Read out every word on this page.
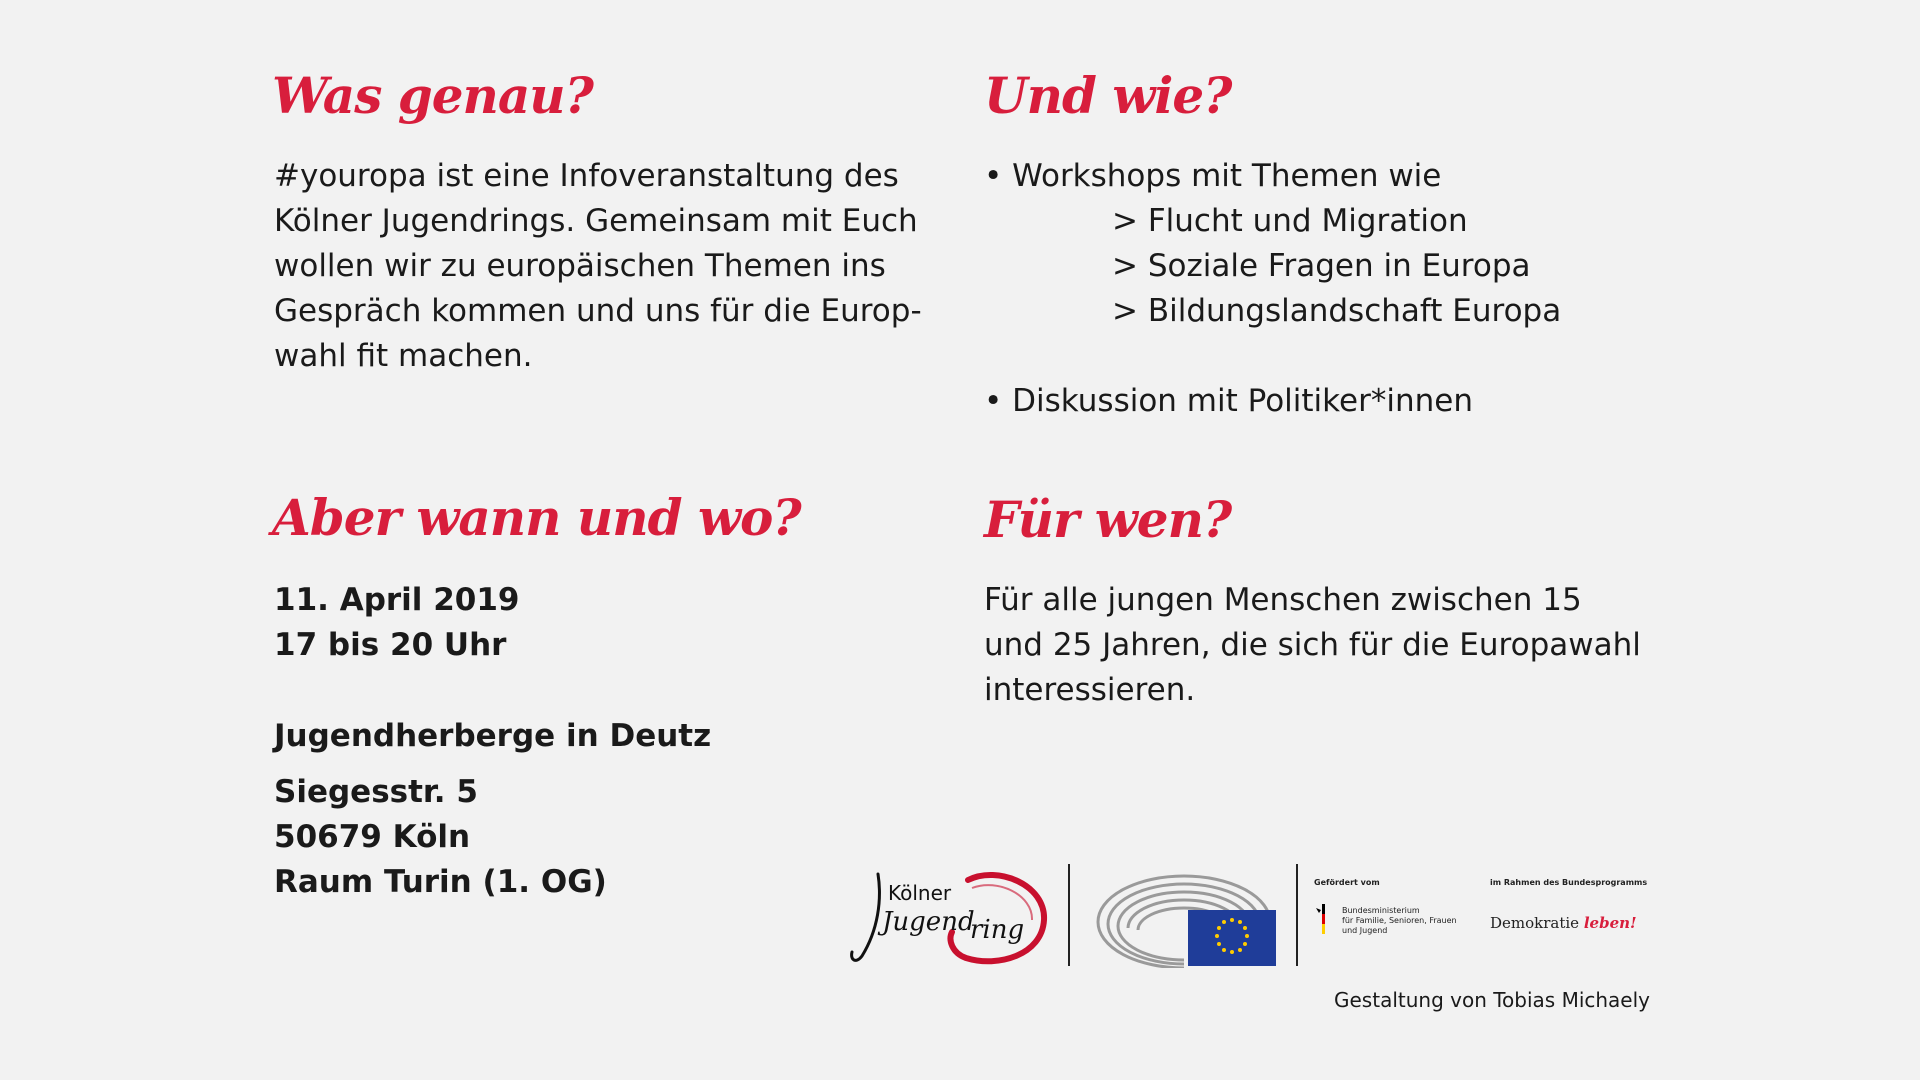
Was genau?

#youropa ist eine Infoveranstaltung des

Kölner Jugendrings. Gemeinsam mit Euch

wollen wir zu europäischen Themen ins

Gespräch kommen und uns für die Europ-

wahl fit machen.

Und wie?

• Workshops mit Themen wie

> Flucht und Migration

> Soziale Fragen in Europa

> Bildungslandschaft Europa

• Diskussion mit Politiker*innen

Aber wann und wo?
11. April 2019
17 bis 20 Uhr
Jugendherberge in Deutz
Siegesstr. 5
50679 Köln
Raum Turin (1. OG)
Für wen?

Für alle jungen Menschen zwischen 15

und 25 Jahren, die sich für die Europawahl

interessieren.

Kölner
Jugend
ring
Gefördert vom
Bundesministerium
für Familie, Senioren, Frauen
und Jugend
im Rahmen des Bundesprogramms
Demokratie leben!
Gestaltung von Tobias Michaely
